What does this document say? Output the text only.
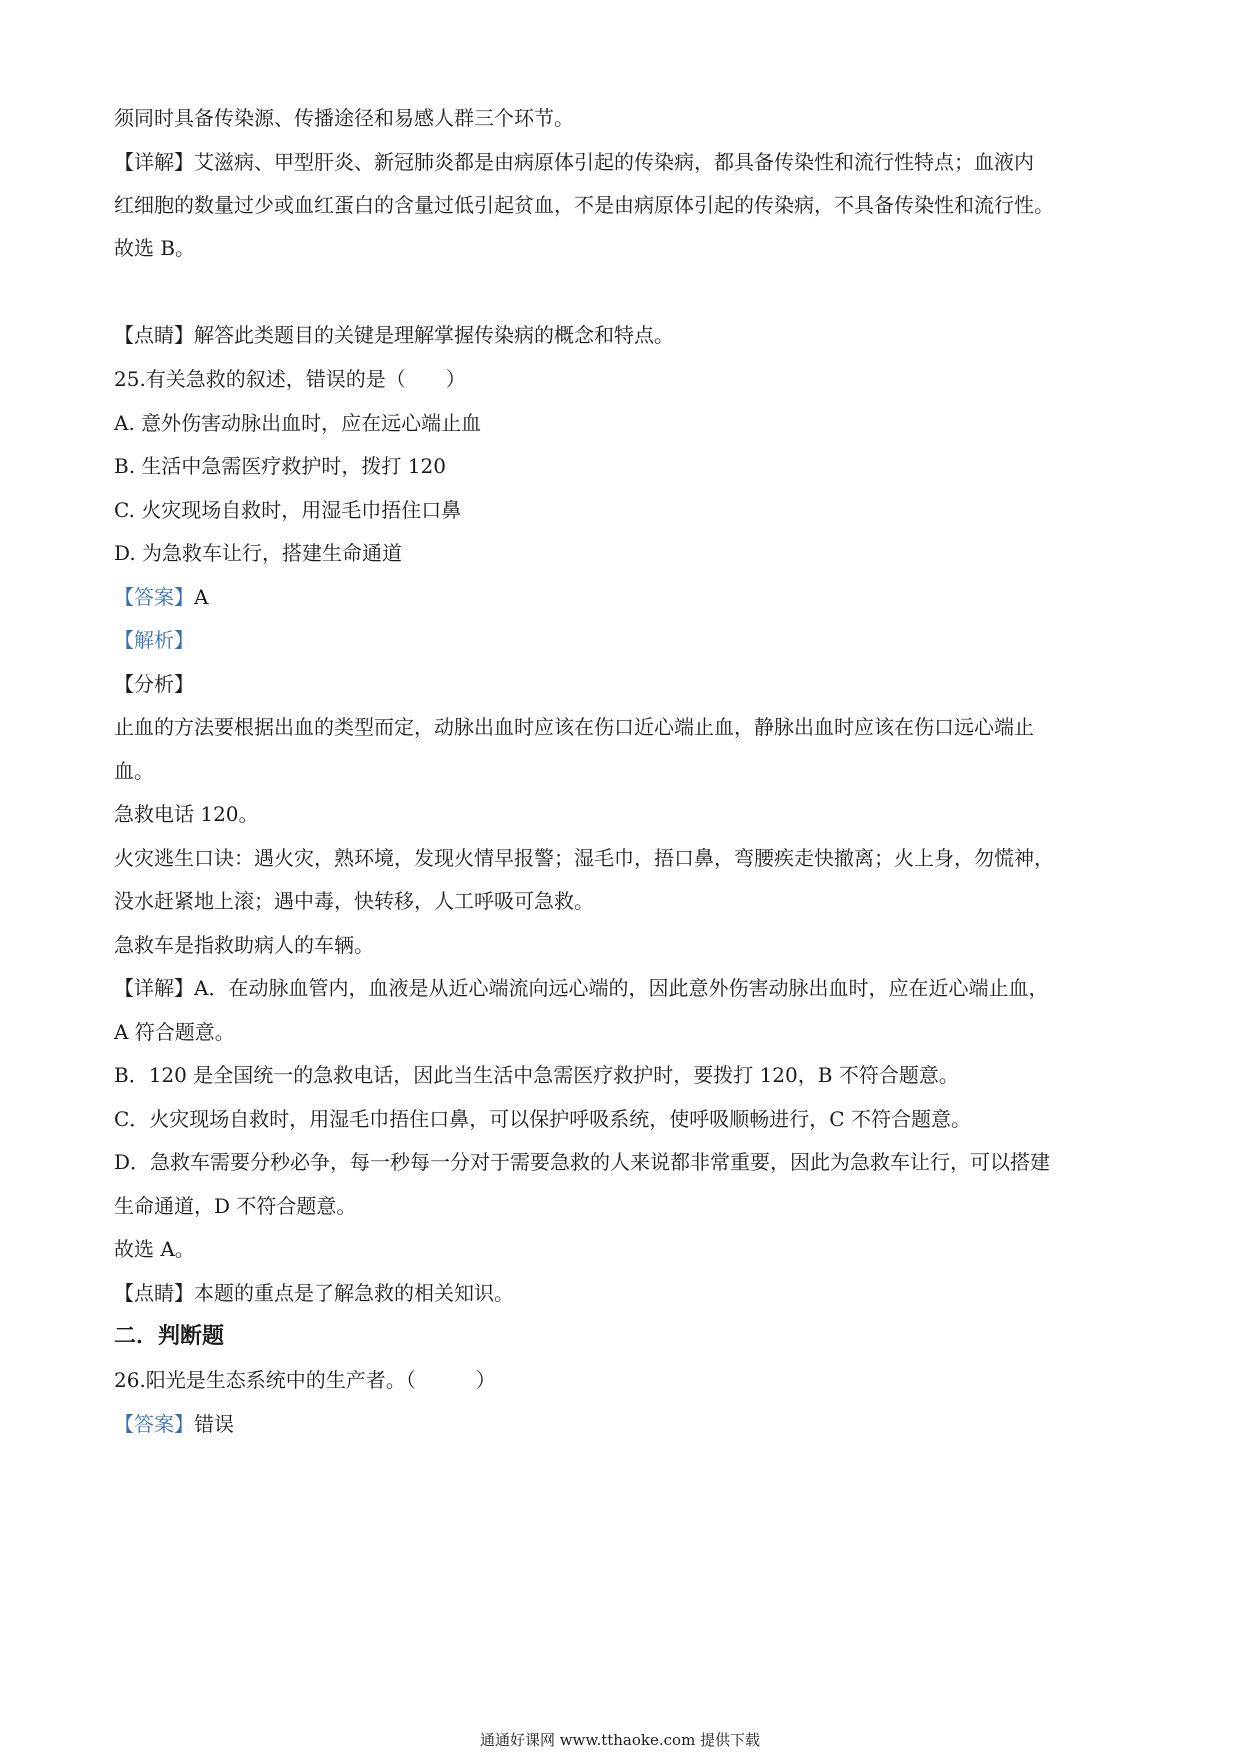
须同时具备传染源、传播途径和易感人群三个环节。
【详解】艾滋病、甲型肝炎、新冠肺炎都是由病原体引起的传染病，都具备传染性和流行性特点；血液内
红细胞的数量过少或血红蛋白的含量过低引起贫血，不是由病原体引起的传染病，不具备传染性和流行性。
故选 B。
【点睛】解答此类题目的关键是理解掌握传染病的概念和特点。
25.有关急救的叙述，错误的是（　　）
A. 意外伤害动脉出血时，应在远心端止血
B. 生活中急需医疗救护时，拨打 120
C. 火灾现场自救时，用湿毛巾捂住口鼻
D. 为急救车让行，搭建生命通道
【答案】A
【解析】
【分析】
止血的方法要根据出血的类型而定，动脉出血时应该在伤口近心端止血，静脉出血时应该在伤口远心端止
血。
急救电话 120。
火灾逃生口诀：遇火灾，熟环境，发现火情早报警；湿毛巾，捂口鼻，弯腰疾走快撤离；火上身，勿慌神，
没水赶紧地上滚；遇中毒，快转移，人工呼吸可急救。
急救车是指救助病人的车辆。
【详解】A．在动脉血管内，血液是从近心端流向远心端的，因此意外伤害动脉出血时，应在近心端止血，
A 符合题意。
B．120 是全国统一的急救电话，因此当生活中急需医疗救护时，要拨打 120，B 不符合题意。
C．火灾现场自救时，用湿毛巾捂住口鼻，可以保护呼吸系统，使呼吸顺畅进行，C 不符合题意。
D．急救车需要分秒必争，每一秒每一分对于需要急救的人来说都非常重要，因此为急救车让行，可以搭建
生命通道，D 不符合题意。
故选 A。
【点睛】本题的重点是了解急救的相关知识。
二．判断题
26.阳光是生态系统中的生产者。（　　　）
【答案】错误
通通好课网 www.tthaoke.com 提供下载
